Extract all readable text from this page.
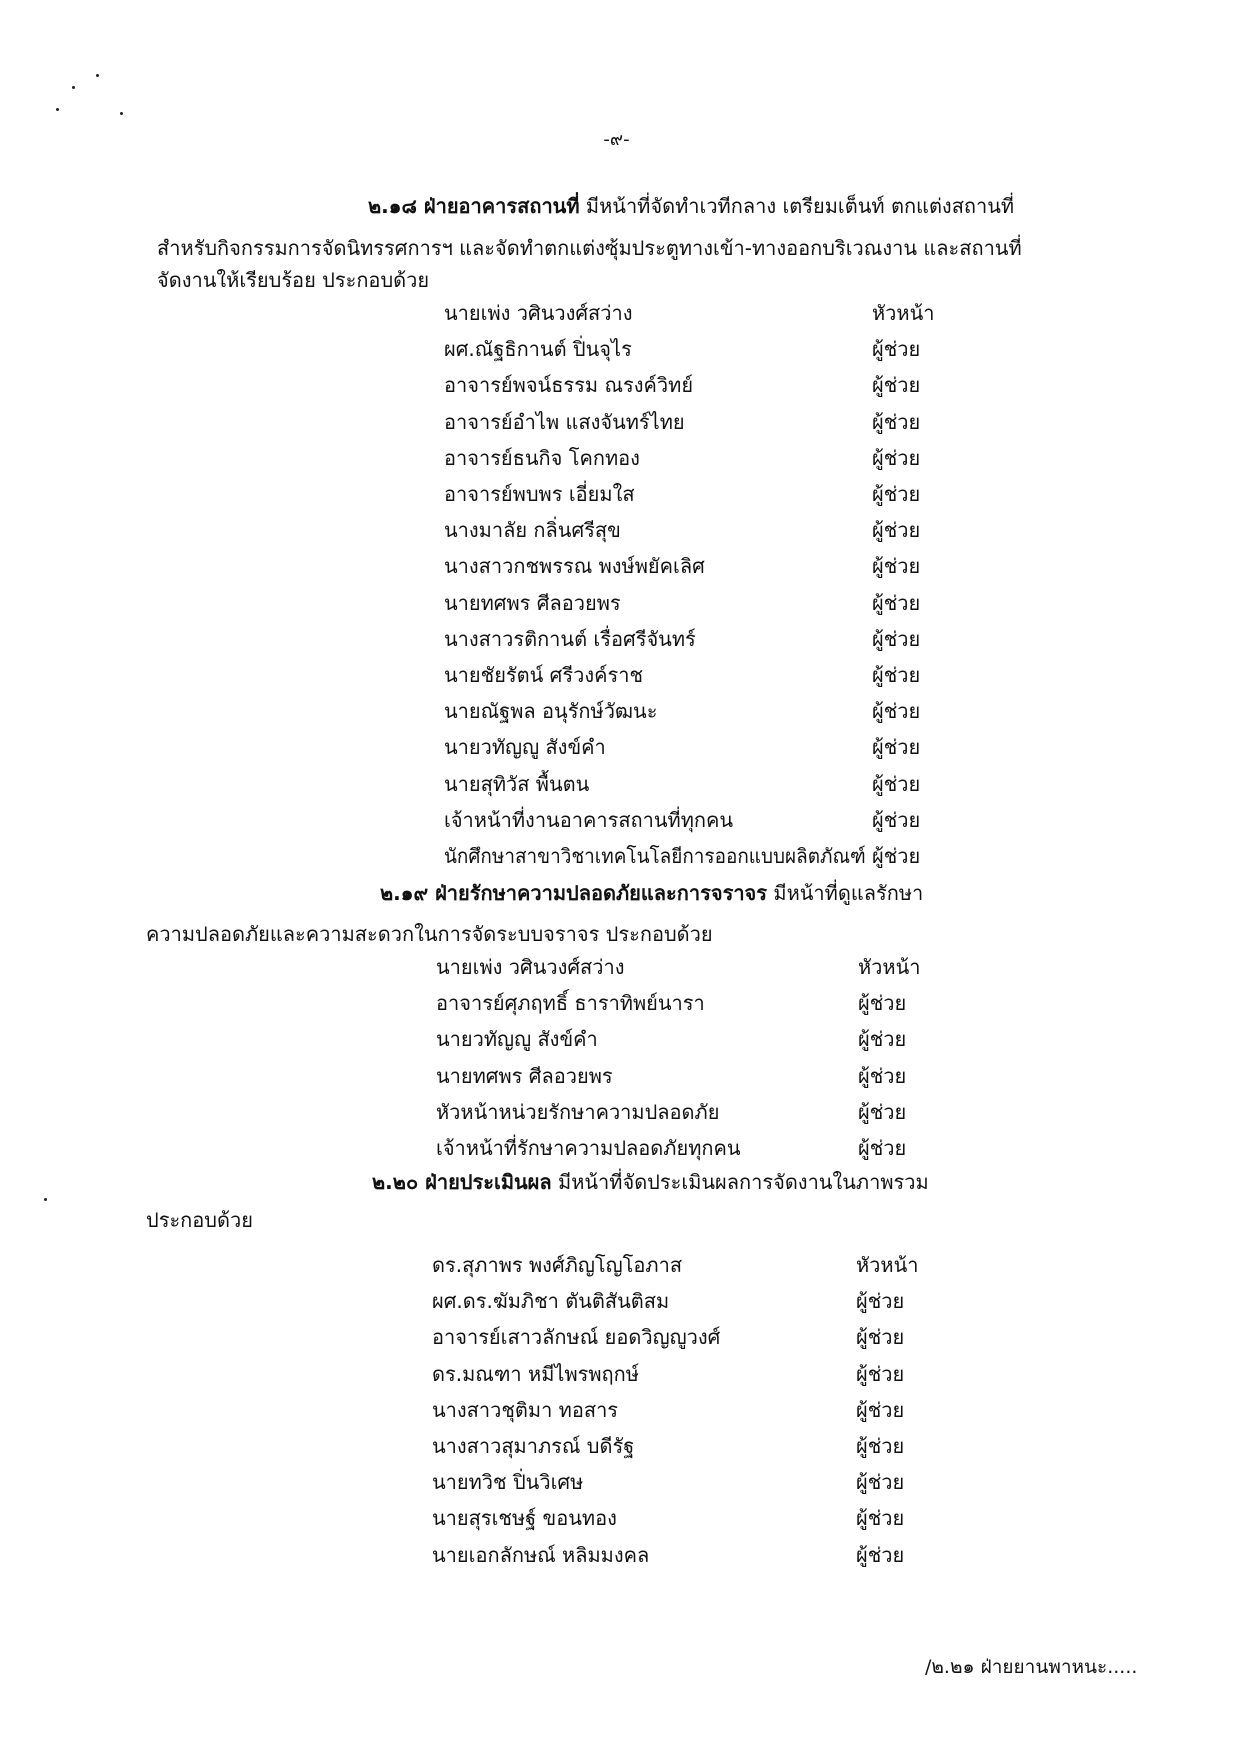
-๙-
๒.๑๘ ฝ่ายอาคารสถานที่ มีหน้าที่จัดทำเวทีกลาง เตรียมเต็นท์ ตกแต่งสถานที่
สำหรับกิจกรรมการจัดนิทรรศการฯ และจัดทำตกแต่งซุ้มประตูทางเข้า-ทางออกบริเวณงาน และสถานที่
จัดงานให้เรียบร้อย ประกอบด้วย
นายเพ่ง วศินวงศ์สว่าง	หัวหน้า
ผศ.ณัฐธิกานต์ ปิ่นจุไร	ผู้ช่วย
อาจารย์พจน์ธรรม ณรงค์วิทย์	ผู้ช่วย
อาจารย์อำไพ แสงจันทร์ไทย	ผู้ช่วย
อาจารย์ธนกิจ โคกทอง	ผู้ช่วย
อาจารย์พบพร เอี่ยมใส	ผู้ช่วย
นางมาลัย กลิ่นศรีสุข	ผู้ช่วย
นางสาวกชพรรณ พงษ์พยัคเลิศ	ผู้ช่วย
นายทศพร ศีลอวยพร	ผู้ช่วย
นางสาวรติกานต์ เรื่อศรีจันทร์	ผู้ช่วย
นายชัยรัตน์ ศรีวงค์ราช	ผู้ช่วย
นายณัฐพล อนุรักษ์วัฒนะ	ผู้ช่วย
นายวทัญญู สังข์คำ	ผู้ช่วย
นายสุทิวัส พื้นตน	ผู้ช่วย
เจ้าหน้าที่งานอาคารสถานที่ทุกคน	ผู้ช่วย
นักศึกษาสาขาวิชาเทคโนโลยีการออกแบบผลิตภัณฑ์ ผู้ช่วย
๒.๑๙ ฝ่ายรักษาความปลอดภัยและการจราจร มีหน้าที่ดูแลรักษา
ความปลอดภัยและความสะดวกในการจัดระบบจราจร ประกอบด้วย
นายเพ่ง วศินวงศ์สว่าง	หัวหน้า
อาจารย์ศุภฤทธิ์ ธาราทิพย์นารา	ผู้ช่วย
นายวทัญญู สังข์คำ	ผู้ช่วย
นายทศพร ศีลอวยพร	ผู้ช่วย
หัวหน้าหน่วยรักษาความปลอดภัย	ผู้ช่วย
เจ้าหน้าที่รักษาความปลอดภัยทุกคน	ผู้ช่วย
๒.๒๐ ฝ่ายประเมินผล มีหน้าที่จัดประเมินผลการจัดงานในภาพรวม
ประกอบด้วย
ดร.สุภาพร พงศ์ภิญโญโอภาส	หัวหน้า
ผศ.ดร.ฆัมภิชา ตันติสันติสม	ผู้ช่วย
อาจารย์เสาวลักษณ์ ยอดวิญญูวงศ์	ผู้ช่วย
ดร.มณฑา หมีไพรพฤกษ์	ผู้ช่วย
นางสาวชุติมา ทอสาร	ผู้ช่วย
นางสาวสุมาภรณ์ บดีรัฐ	ผู้ช่วย
นายทวิช ปิ่นวิเศษ	ผู้ช่วย
นายสุรเชษฐ์ ขอนทอง	ผู้ช่วย
นายเอกลักษณ์ หลิมมงคล	ผู้ช่วย
/๒.๒๑ ฝ่ายยานพาหนะ.....
